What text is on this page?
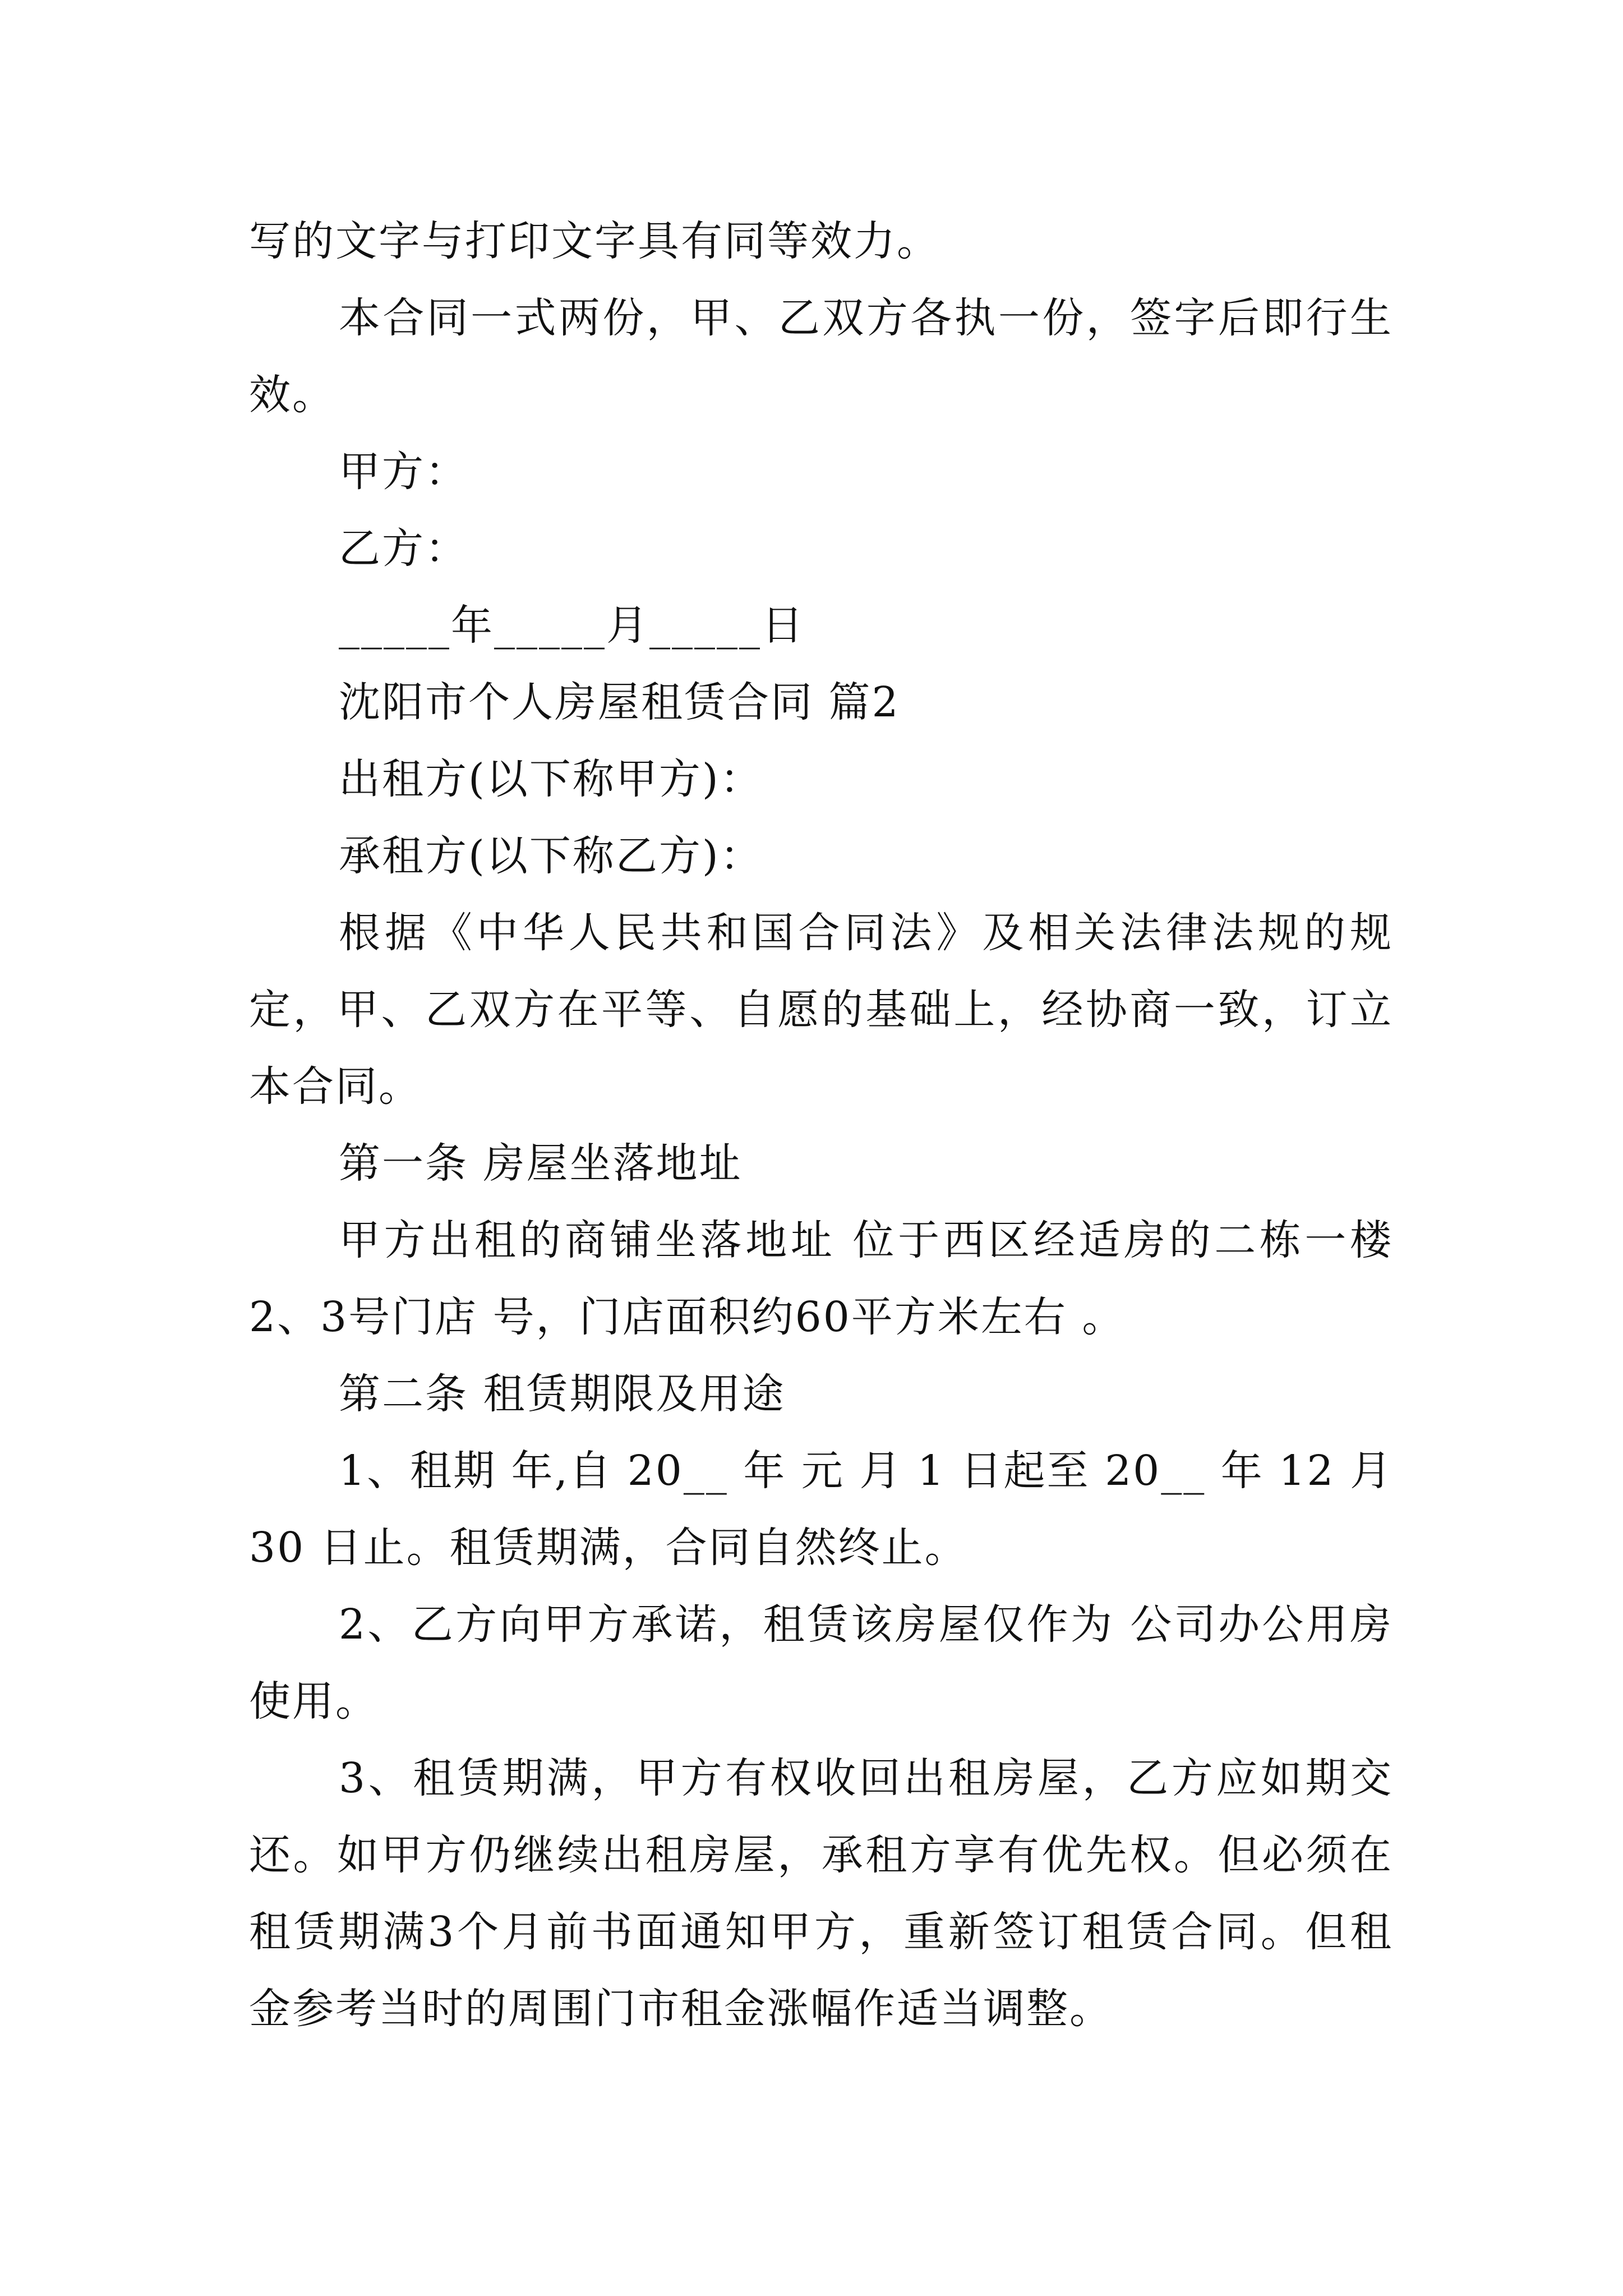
写的文字与打印文字具有同等效力。

本合同一式两份，甲、乙双方各执一份，签字后即行生效。

甲方：

乙方：

_____年_____月_____日

沈阳市个人房屋租赁合同 篇2

出租方(以下称甲方)：

承租方(以下称乙方)：

根据《中华人民共和国合同法》及相关法律法规的规定，甲、乙双方在平等、自愿的基础上，经协商一致，订立本合同。

第一条 房屋坐落地址

甲方出租的商铺坐落地址 位于西区经适房的二栋一楼2、3号门店 号，门店面积约60平方米左右 。

第二条 租赁期限及用途

1、租期 年,自 20__ 年 元 月 1 日起至 20__ 年 12 月 30 日止。租赁期满，合同自然终止。

2、乙方向甲方承诺，租赁该房屋仅作为 公司办公用房使用。

3、租赁期满，甲方有权收回出租房屋，乙方应如期交还。如甲方仍继续出租房屋，承租方享有优先权。但必须在租赁期满3个月前书面通知甲方，重新签订租赁合同。但租金参考当时的周围门市租金涨幅作适当调整。
